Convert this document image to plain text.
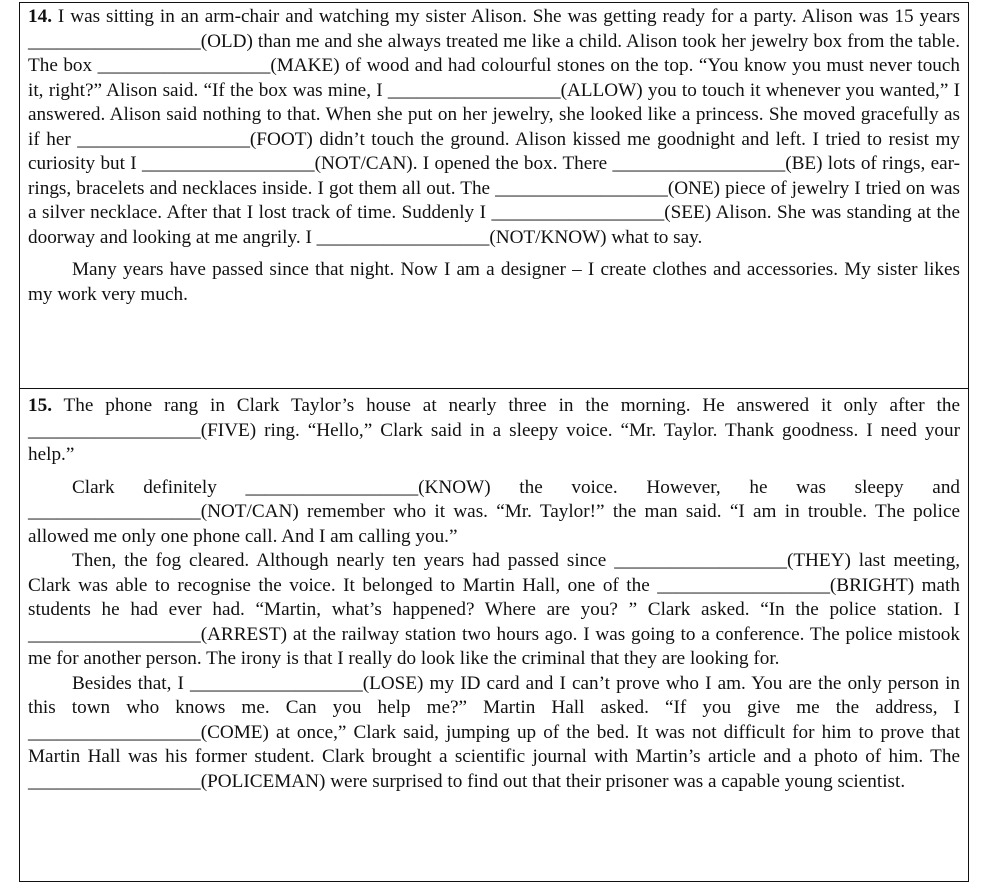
14. I was sitting in an arm-chair and watching my sister Alison. She was getting ready for a party. Alison was 15 years __________________(OLD) than me and she always treated me like a child. Alison took her jewelry box from the table. The box __________________(MAKE) of wood and had colourful stones on the top. “You know you must never touch it, right?” Alison said. “If the box was mine, I __________________(ALLOW) you to touch it whenever you wanted,” I answered. Alison said nothing to that. When she put on her jewelry, she looked like a princess. She moved gracefully as if her __________________(FOOT) didn’t touch the ground. Alison kissed me goodnight and left. I tried to resist my curiosity but I __________________(NOT/CAN). I opened the box. There __________________(BE) lots of rings, ear-rings, bracelets and necklaces inside. I got them all out. The __________________(ONE) piece of jewelry I tried on was a silver necklace. After that I lost track of time. Suddenly I __________________(SEE) Alison. She was standing at the doorway and looking at me angrily. I __________________(NOT/KNOW) what to say.

Many years have passed since that night. Now I am a designer – I create clothes and accessories. My sister likes my work very much.

15. The phone rang in Clark Taylor’s house at nearly three in the morning. He answered it only after the __________________(FIVE) ring. “Hello,” Clark said in a sleepy voice. “Mr. Taylor. Thank goodness. I need your help.”

Clark definitely __________________(KNOW) the voice. However, he was sleepy and __________________(NOT/CAN) remember who it was. “Mr. Taylor!” the man said. “I am in trouble. The police allowed me only one phone call. And I am calling you.”

Then, the fog cleared. Although nearly ten years had passed since __________________(THEY) last meeting, Clark was able to recognise the voice. It belonged to Martin Hall, one of the __________________(BRIGHT) math students he had ever had. “Martin, what’s happened? Where are you? ” Clark asked. “In the police station. I __________________(ARREST) at the railway station two hours ago. I was going to a conference. The police mistook me for another person. The irony is that I really do look like the criminal that they are looking for.

Besides that, I __________________(LOSE) my ID card and I can’t prove who I am. You are the only person in this town who knows me. Can you help me?” Martin Hall asked. “If you give me the address, I __________________(COME) at once,” Clark said, jumping up of the bed. It was not difficult for him to prove that Martin Hall was his former student. Clark brought a scientific journal with Martin’s article and a photo of him. The __________________(POLICEMAN) were surprised to find out that their prisoner was a capable young scientist.
